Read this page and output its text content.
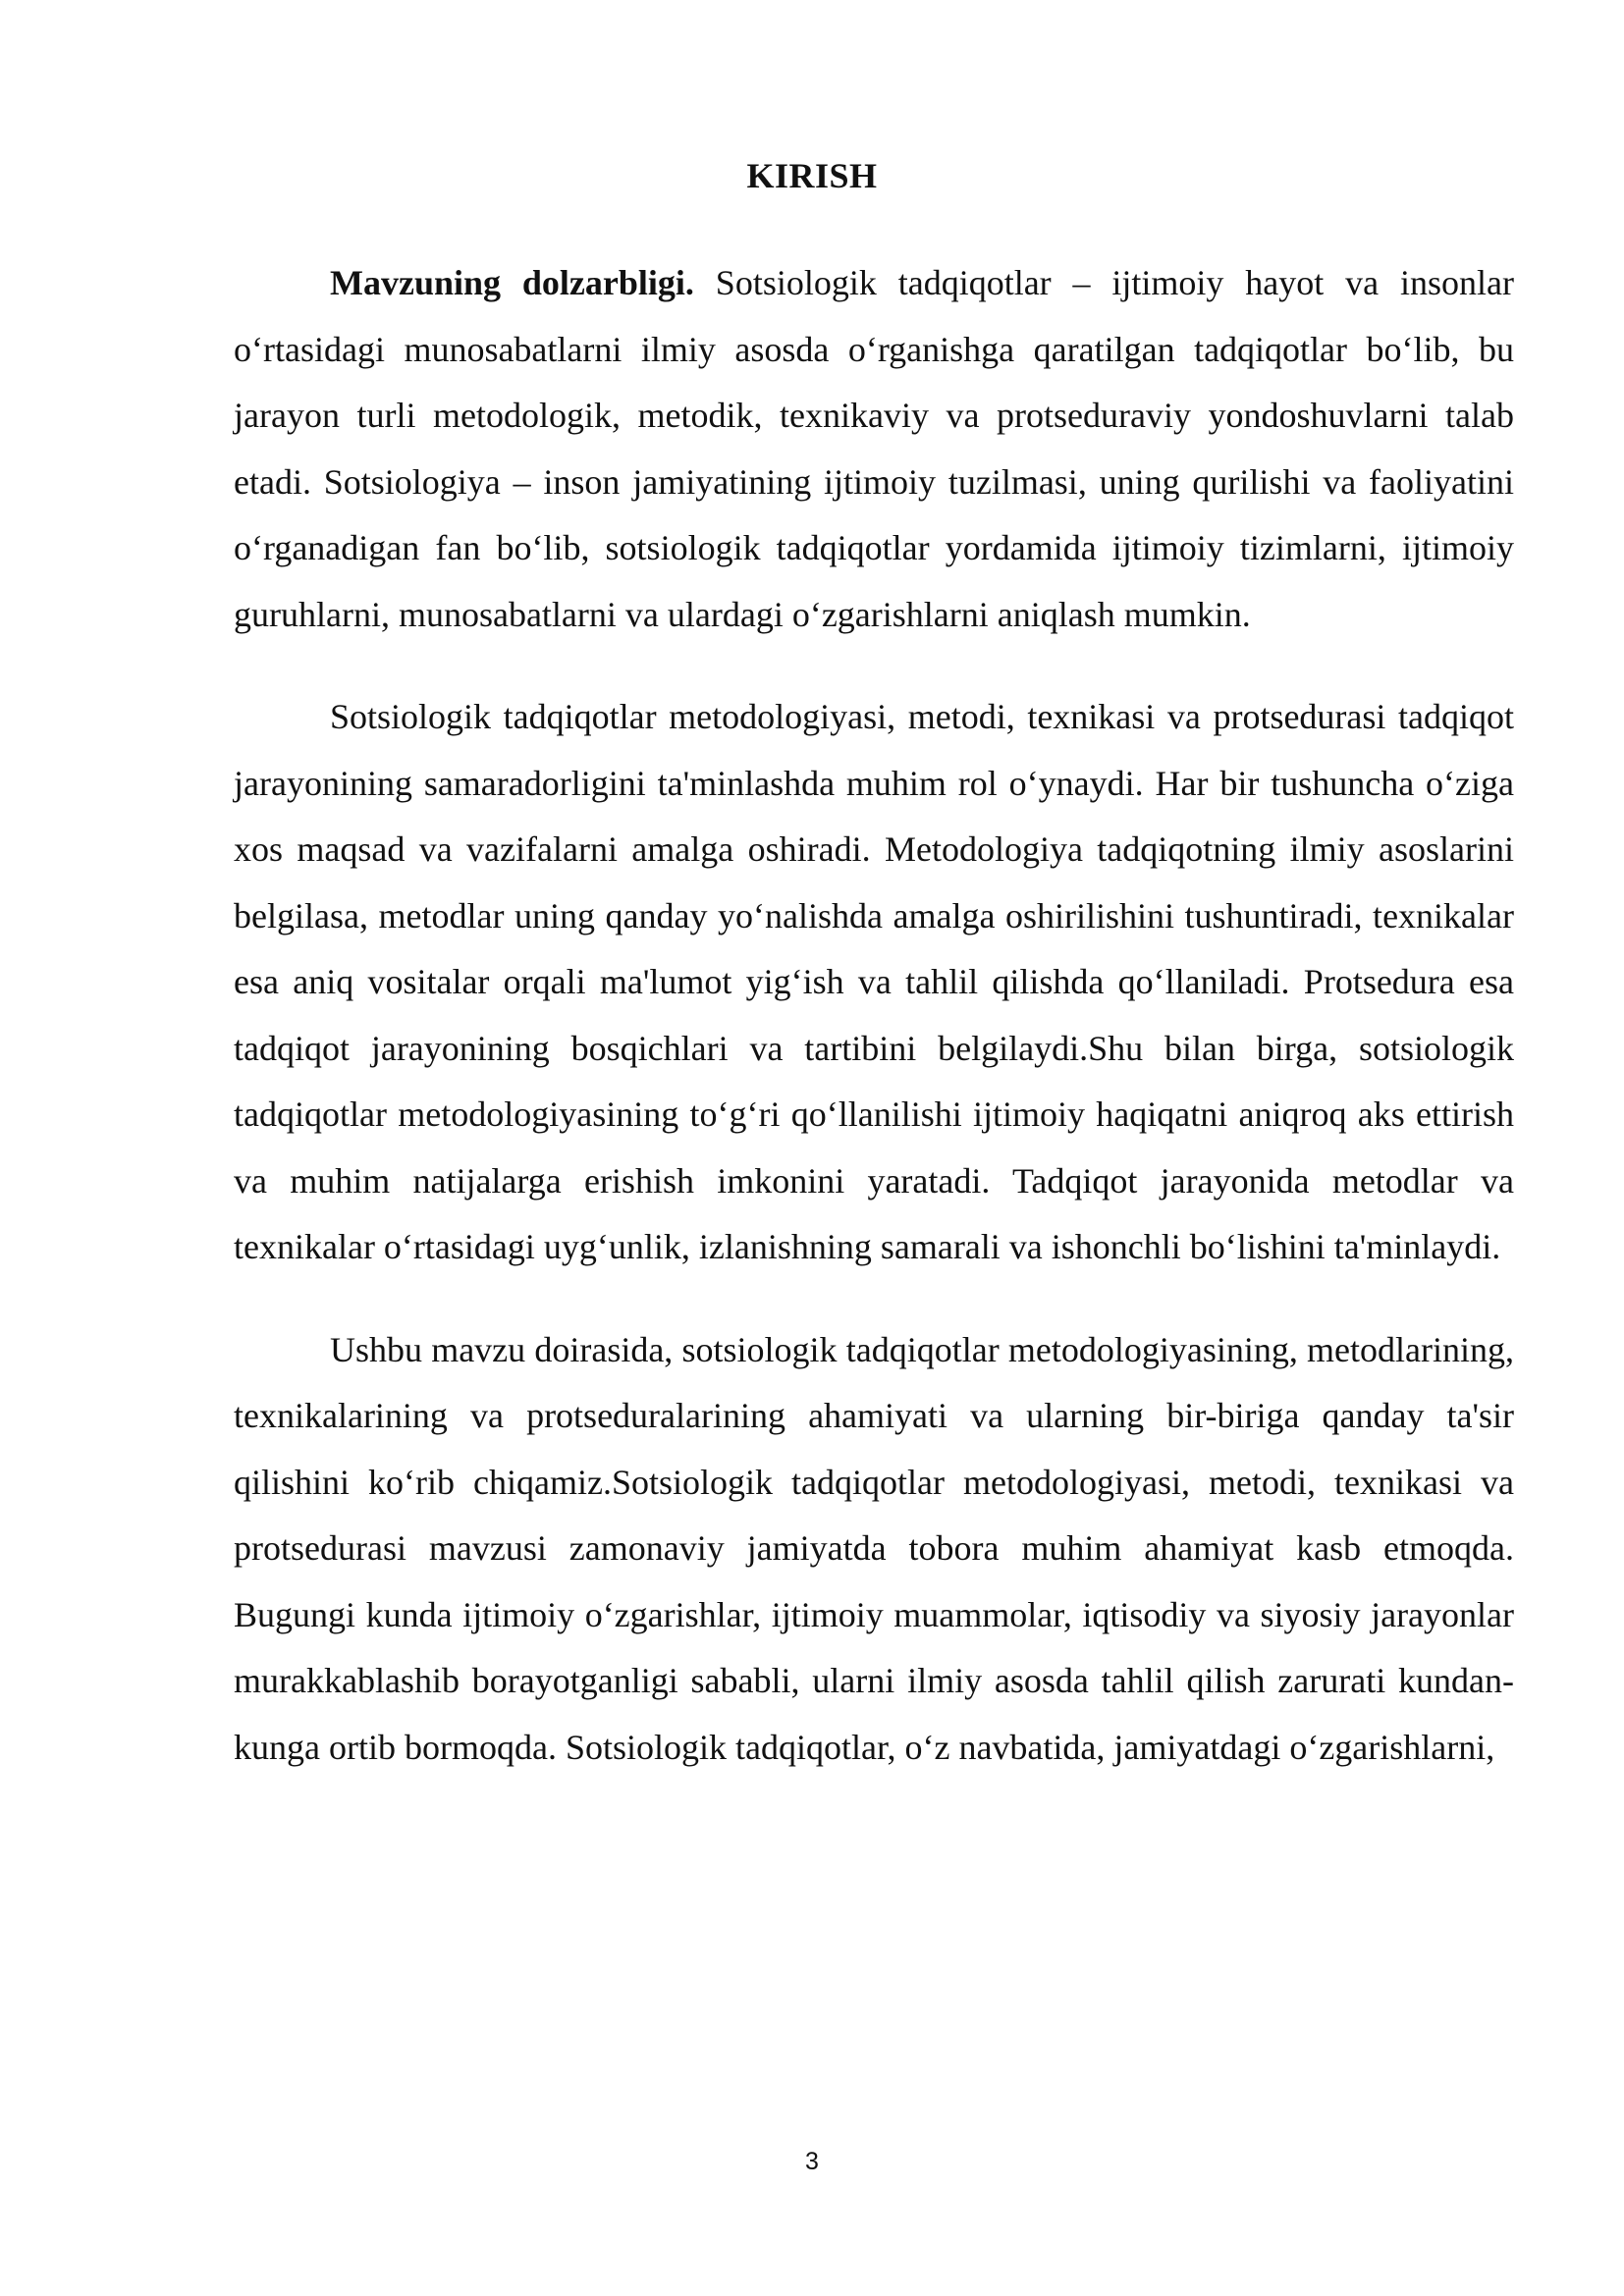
KIRISH

Mavzuning dolzarbligi. Sotsiologik tadqiqotlar – ijtimoiy hayot va insonlar o‘rtasidagi munosabatlarni ilmiy asosda o‘rganishga qaratilgan tadqiqotlar bo‘lib, bu jarayon turli metodologik, metodik, texnikaviy va protseduraviy yondoshuvlarni talab etadi. Sotsiologiya – inson jamiyatining ijtimoiy tuzilmasi, uning qurilishi va faoliyatini o‘rganadigan fan bo‘lib, sotsiologik tadqiqotlar yordamida ijtimoiy tizimlarni, ijtimoiy guruhlarni, munosabatlarni va ulardagi o‘zgarishlarni aniqlash mumkin.

Sotsiologik tadqiqotlar metodologiyasi, metodi, texnikasi va protsedurasi tadqiqot jarayonining samaradorligini ta'minlashda muhim rol o‘ynaydi. Har bir tushuncha o‘ziga xos maqsad va vazifalarni amalga oshiradi. Metodologiya tadqiqotning ilmiy asoslarini belgilasa, metodlar uning qanday yo‘nalishda amalga oshirilishini tushuntiradi, texnikalar esa aniq vositalar orqali ma'lumot yig‘ish va tahlil qilishda qo‘llaniladi. Protsedura esa tadqiqot jarayonining bosqichlari va tartibini belgilaydi.Shu bilan birga, sotsiologik tadqiqotlar metodologiyasining to‘g‘ri qo‘llanilishi ijtimoiy haqiqatni aniqroq aks ettirish va muhim natijalarga erishish imkonini yaratadi. Tadqiqot jarayonida metodlar va texnikalar o‘rtasidagi uyg‘unlik, izlanishning samarali va ishonchli bo‘lishini ta'minlaydi.

Ushbu mavzu doirasida, sotsiologik tadqiqotlar metodologiyasining, metodlarining, texnikalarining va protseduralarining ahamiyati va ularning bir-biriga qanday ta'sir qilishini ko‘rib chiqamiz.Sotsiologik tadqiqotlar metodologiyasi, metodi, texnikasi va protsedurasi mavzusi zamonaviy jamiyatda tobora muhim ahamiyat kasb etmoqda. Bugungi kunda ijtimoiy o‘zgarishlar, ijtimoiy muammolar, iqtisodiy va siyosiy jarayonlar murakkablashib borayotganligi sababli, ularni ilmiy asosda tahlil qilish zarurati kundan-kunga ortib bormoqda. Sotsiologik tadqiqotlar, o‘z navbatida, jamiyatdagi o‘zgarishlarni,

3
